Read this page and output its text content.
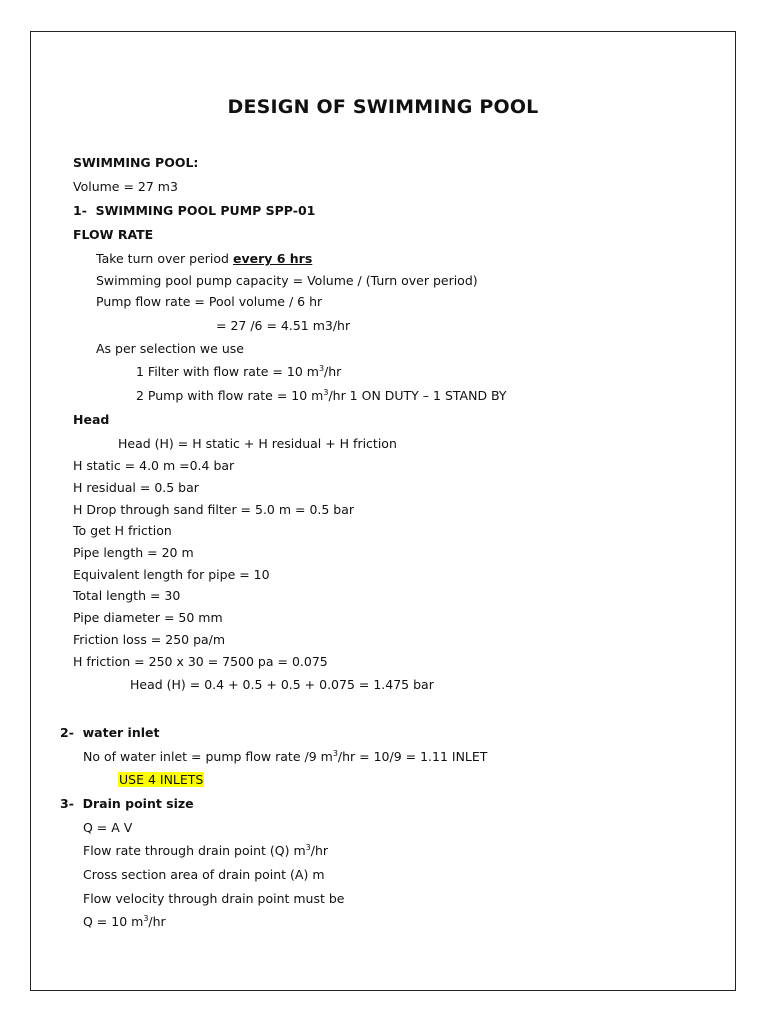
DESIGN OF SWIMMING POOL
SWIMMING POOL:
Volume = 27 m3
1- SWIMMING POOL PUMP SPP-01
FLOW RATE
Take turn over period every 6 hrs
Swimming pool pump capacity = Volume / (Turn over period)
Pump flow rate = Pool volume / 6 hr
= 27 /6 = 4.51 m3/hr
As per selection we use
1 Filter with flow rate = 10 $m^3/hr$
2 Pump with flow rate = 10 $m^3/hr$ 1 ON DUTY – 1 STAND BY
Head
Head (H) = H static + H residual + H friction
H static = 4.0 m =0.4 bar
H residual = 0.5 bar
H Drop through sand filter = 5.0 m = 0.5 bar
To get H friction
Pipe length = 20 m
Equivalent length for pipe = 10
Total length = 30
Pipe diameter = 50 mm
Friction loss = 250 pa/m
H friction = 250 x 30 = 7500 pa = 0.075
Head (H) = 0.4 + 0.5 + 0.5 + 0.075 = 1.475 bar
2- water inlet
No of water inlet = pump flow rate /9 $m^3/hr = 10/9 = 1.11$ INLET
USE 4 INLETS
3- Drain point size
Q = A V
Flow rate through drain point (Q) $m^3/hr$
Cross section area of drain point (A) m
Flow velocity through drain point must be
Q = 10 $m^3/hr$
